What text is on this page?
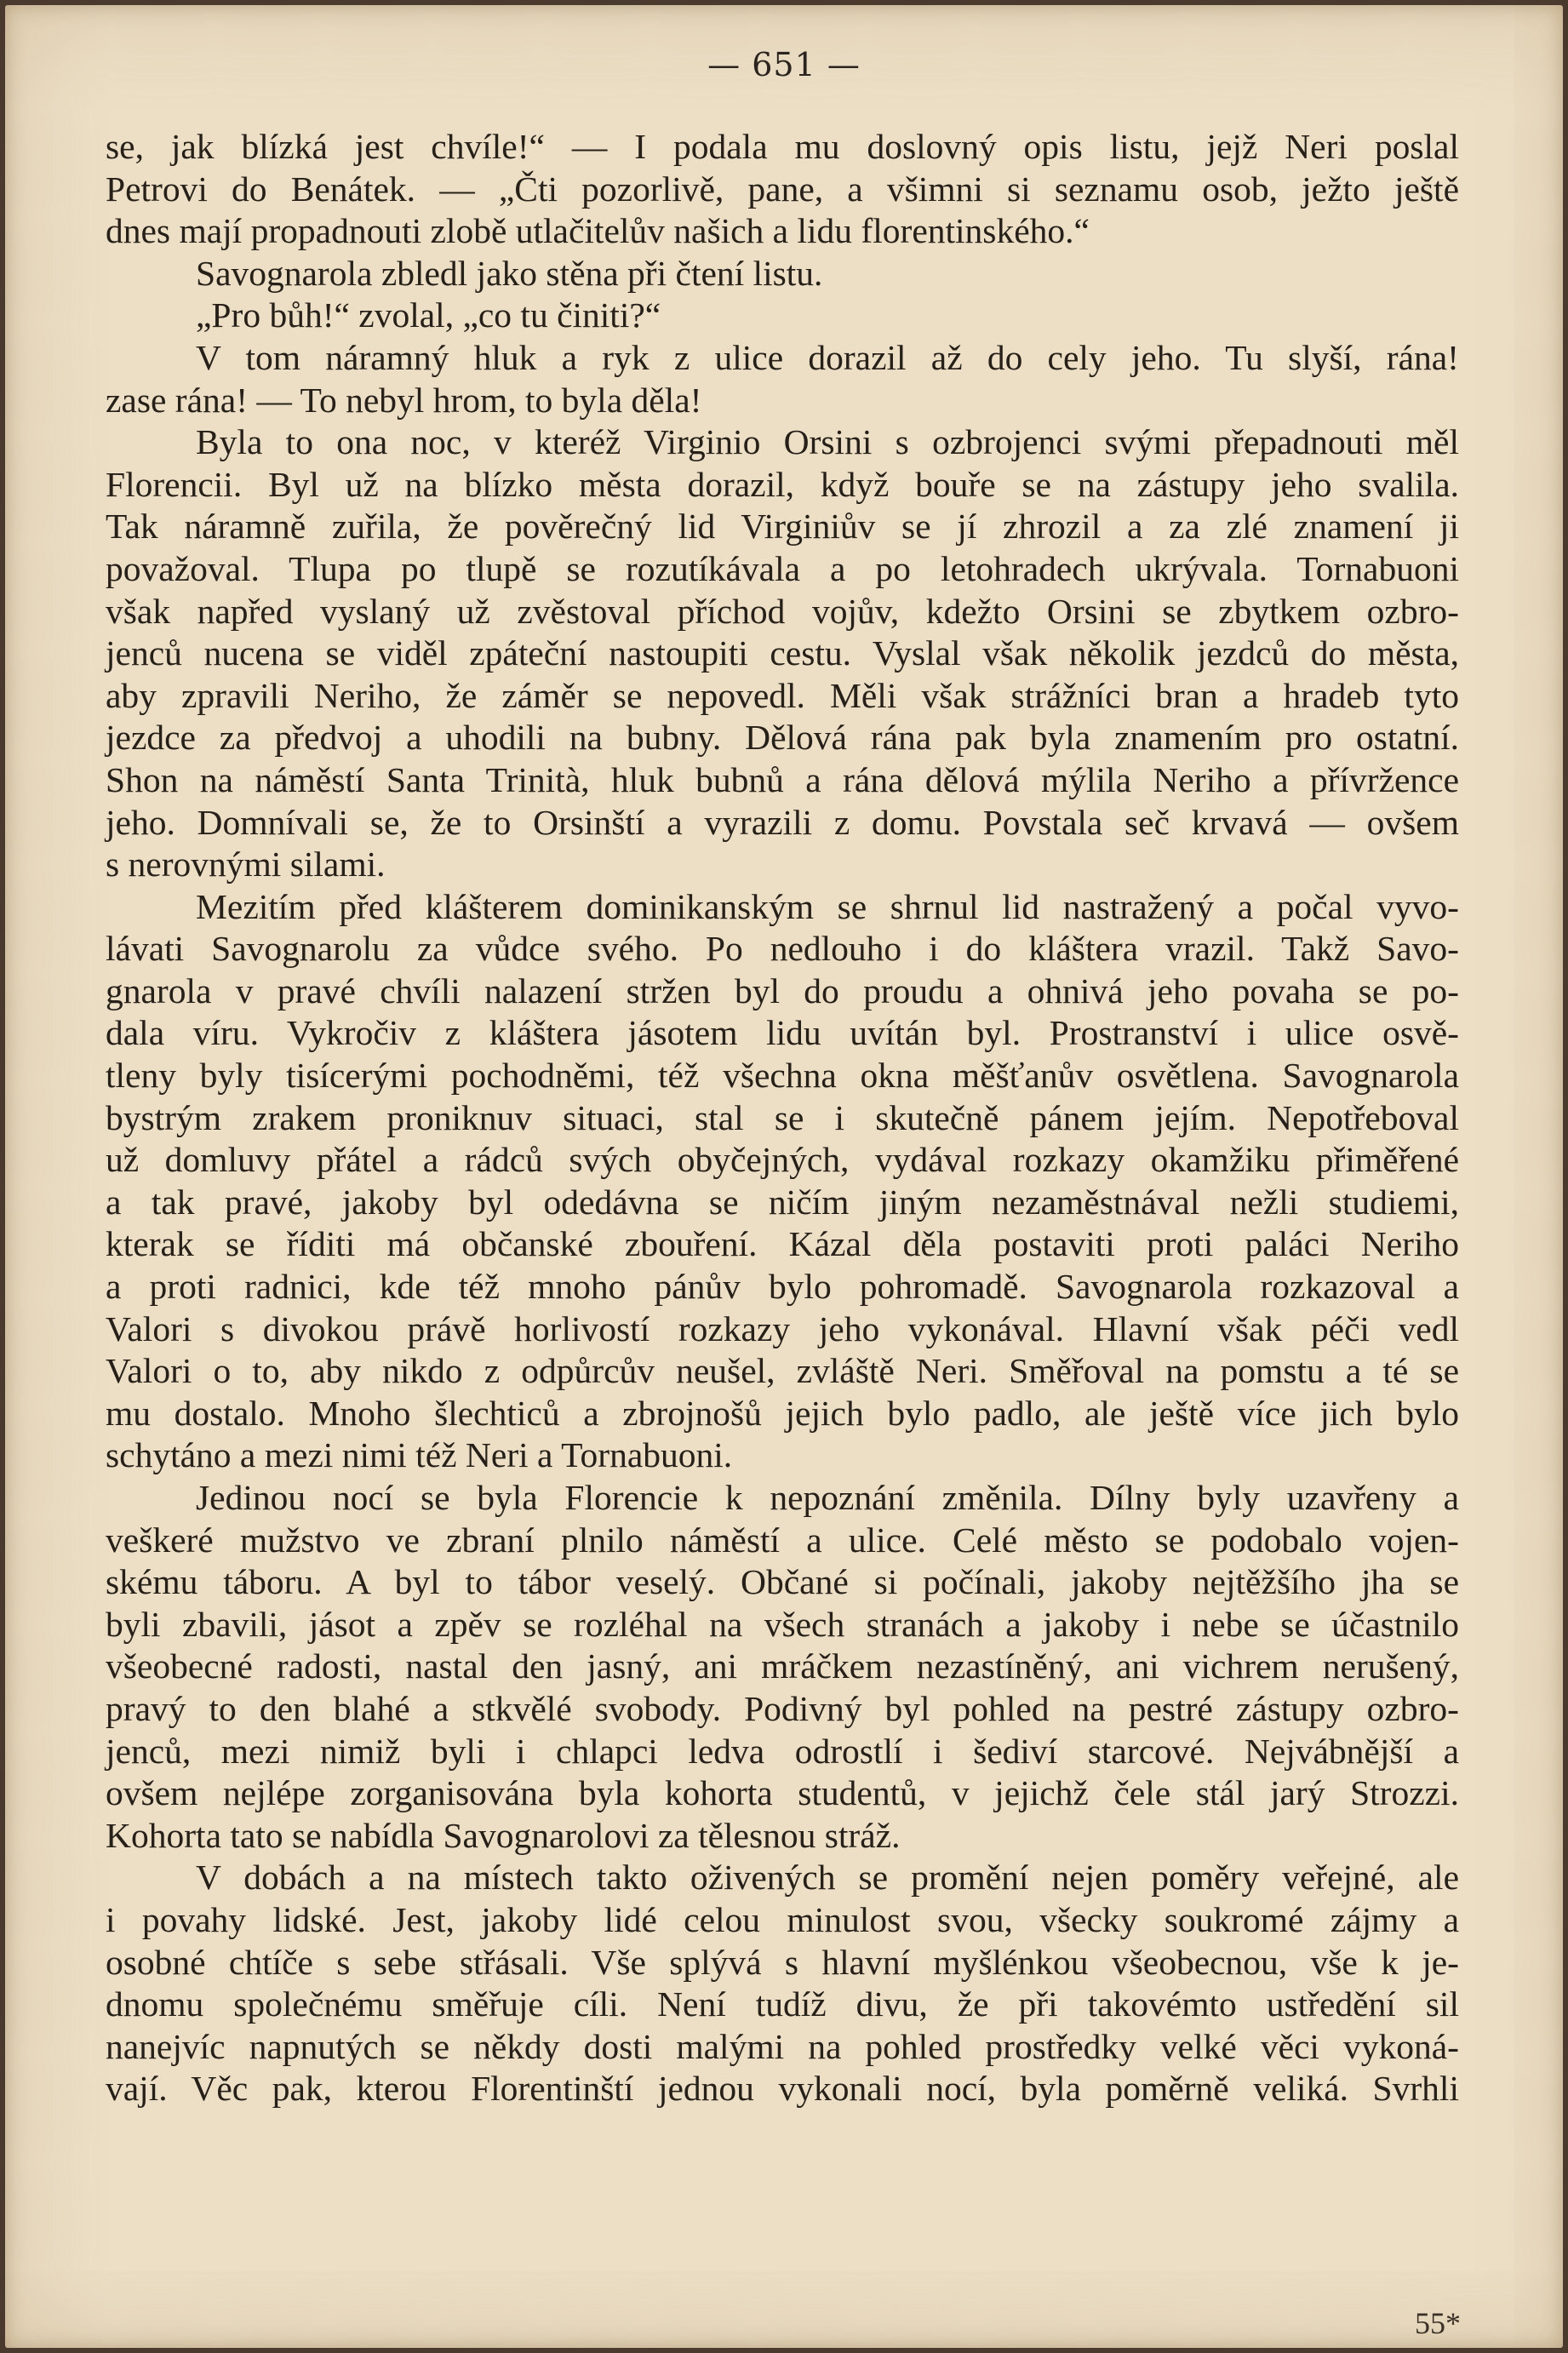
— 651 —
se, jak blízká jest chvíle!“ — I podala mu doslovný opis listu, jejž Neri poslal
Petrovi do Benátek. — „Čti pozorlivě, pane, a všimni si seznamu osob, ježto ještě
dnes mají propadnouti zlobě utlačitelův našich a lidu florentinského.“
Savognarola zbledl jako stěna při čtení listu.
„Pro bůh!“ zvolal, „co tu činiti?“
V tom náramný hluk a ryk z ulice dorazil až do cely jeho. Tu slyší, rána!
zase rána! — To nebyl hrom, to byla děla!
Byla to ona noc, v kteréž Virginio Orsini s ozbrojenci svými přepadnouti měl
Florencii. Byl už na blízko města dorazil, když bouře se na zástupy jeho svalila.
Tak náramně zuřila, že pověrečný lid Virginiův se jí zhrozil a za zlé znamení ji
považoval. Tlupa po tlupě se rozutíkávala a po letohradech ukrývala. Tornabuoni
však napřed vyslaný už zvěstoval příchod vojův, kdežto Orsini se zbytkem ozbro-
jenců nucena se viděl zpáteční nastoupiti cestu. Vyslal však několik jezdců do města,
aby zpravili Neriho, že záměr se nepovedl. Měli však strážníci bran a hradeb tyto
jezdce za předvoj a uhodili na bubny. Dělová rána pak byla znamením pro ostatní.
Shon na náměstí Santa Trinità, hluk bubnů a rána dělová mýlila Neriho a přívržence
jeho. Domnívali se, že to Orsinští a vyrazili z domu. Povstala seč krvavá — ovšem
s nerovnými silami.
Mezitím před klášterem dominikanským se shrnul lid nastražený a počal vyvo-
lávati Savognarolu za vůdce svého. Po nedlouho i do kláštera vrazil. Takž Savo-
gnarola v pravé chvíli nalazení stržen byl do proudu a ohnivá jeho povaha se po-
dala víru. Vykročiv z kláštera jásotem lidu uvítán byl. Prostranství i ulice osvě-
tleny byly tisícerými pochodněmi, též všechna okna měšťanův osvětlena. Savognarola
bystrým zrakem proniknuv situaci, stal se i skutečně pánem jejím. Nepotřeboval
už domluvy přátel a rádců svých obyčejných, vydával rozkazy okamžiku přiměřené
a tak pravé, jakoby byl odedávna se ničím jiným nezaměstnával nežli studiemi,
kterak se říditi má občanské zbouření. Kázal děla postaviti proti paláci Neriho
a proti radnici, kde též mnoho pánův bylo pohromadě. Savognarola rozkazoval a
Valori s divokou právě horlivostí rozkazy jeho vykonával. Hlavní však péči vedl
Valori o to, aby nikdo z odpůrcův neušel, zvláště Neri. Směřoval na pomstu a té se
mu dostalo. Mnoho šlechticů a zbrojnošů jejich bylo padlo, ale ještě více jich bylo
schytáno a mezi nimi též Neri a Tornabuoni.
Jedinou nocí se byla Florencie k nepoznání změnila. Dílny byly uzavřeny a
veškeré mužstvo ve zbraní plnilo náměstí a ulice. Celé město se podobalo vojen-
skému táboru. A byl to tábor veselý. Občané si počínali, jakoby nejtěžšího jha se
byli zbavili, jásot a zpěv se rozléhal na všech stranách a jakoby i nebe se účastnilo
všeobecné radosti, nastal den jasný, ani mráčkem nezastíněný, ani vichrem nerušený,
pravý to den blahé a stkvělé svobody. Podivný byl pohled na pestré zástupy ozbro-
jenců, mezi nimiž byli i chlapci ledva odrostlí i šediví starcové. Nejvábnější a
ovšem nejlépe zorganisována byla kohorta studentů, v jejichž čele stál jarý Strozzi.
Kohorta tato se nabídla Savognarolovi za tělesnou stráž.
V dobách a na místech takto oživených se promění nejen poměry veřejné, ale
i povahy lidské. Jest, jakoby lidé celou minulost svou, všecky soukromé zájmy a
osobné chtíče s sebe střásali. Vše splývá s hlavní myšlénkou všeobecnou, vše k je-
dnomu společnému směřuje cíli. Není tudíž divu, že při takovémto ustředění sil
nanejvíc napnutých se někdy dosti malými na pohled prostředky velké věci vykoná-
vají. Věc pak, kterou Florentinští jednou vykonali nocí, byla poměrně veliká. Svrhli
55*
